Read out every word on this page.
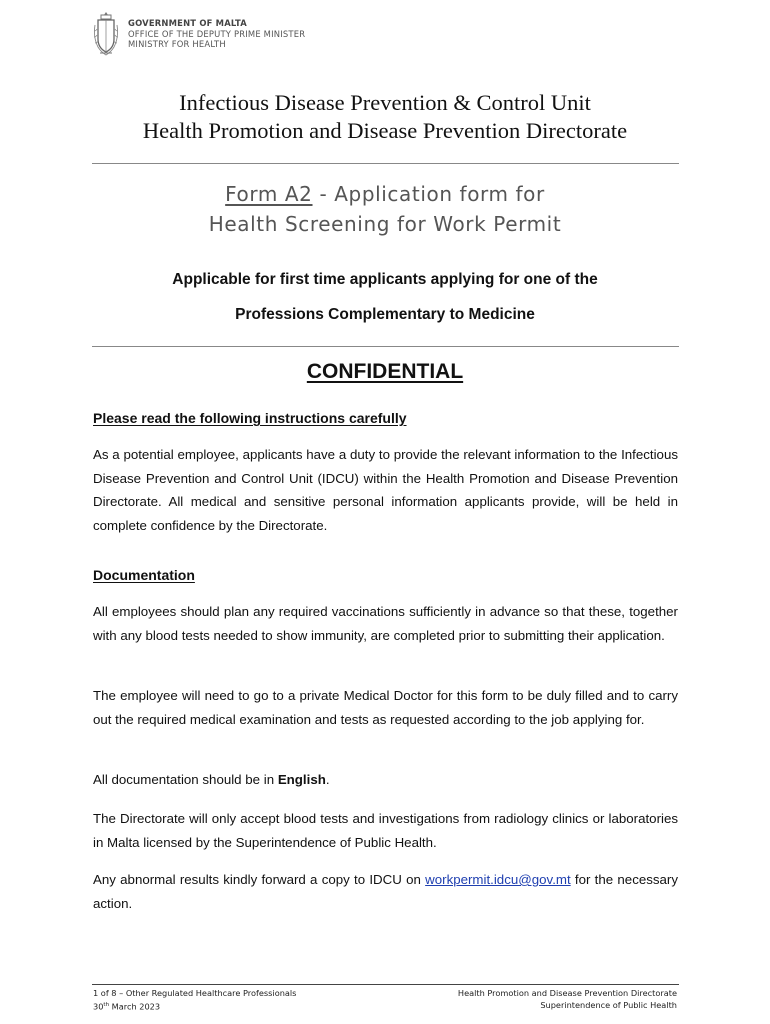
GOVERNMENT OF MALTA
OFFICE OF THE DEPUTY PRIME MINISTER
MINISTRY FOR HEALTH
Infectious Disease Prevention & Control Unit
Health Promotion and Disease Prevention Directorate
Form A2 - Application form for
Health Screening for Work Permit
Applicable for first time applicants applying for one of the
Professions Complementary to Medicine
CONFIDENTIAL
Please read the following instructions carefully
As a potential employee, applicants have a duty to provide the relevant information to the Infectious Disease Prevention and Control Unit (IDCU) within the Health Promotion and Disease Prevention Directorate. All medical and sensitive personal information applicants provide, will be held in complete confidence by the Directorate.
Documentation
All employees should plan any required vaccinations sufficiently in advance so that these, together with any blood tests needed to show immunity, are completed prior to submitting their application.
The employee will need to go to a private Medical Doctor for this form to be duly filled and to carry out the required medical examination and tests as requested according to the job applying for.
All documentation should be in English.
The Directorate will only accept blood tests and investigations from radiology clinics or laboratories in Malta licensed by the Superintendence of Public Health.
Any abnormal results kindly forward a copy to IDCU on workpermit.idcu@gov.mt for the necessary action.
1 of 8 – Other Regulated Healthcare Professionals
30th March 2023
Health Promotion and Disease Prevention Directorate
Superintendence of Public Health
